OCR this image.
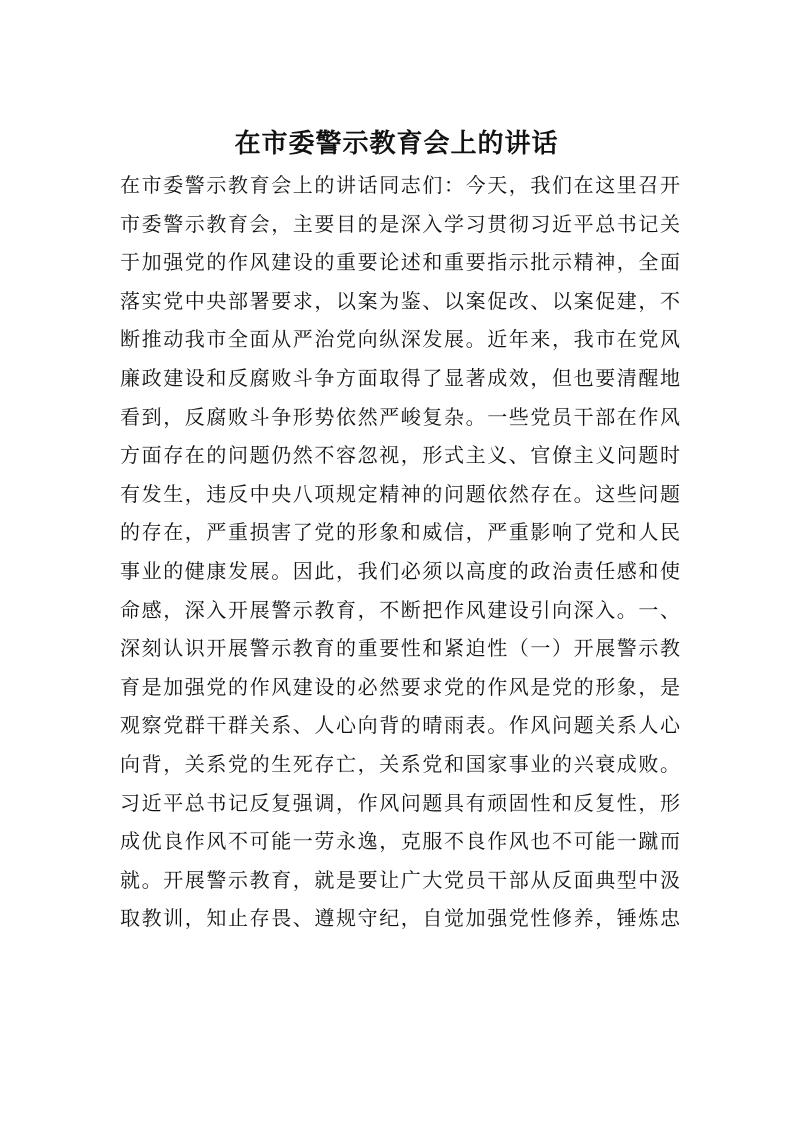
在市委警示教育会上的讲话
在市委警示教育会上的讲话同志们：今天，我们在这里召开
市委警示教育会，主要目的是深入学习贯彻习近平总书记关
于加强党的作风建设的重要论述和重要指示批示精神，全面
落实党中央部署要求，以案为鉴、以案促改、以案促建，不
断推动我市全面从严治党向纵深发展。近年来，我市在党风
廉政建设和反腐败斗争方面取得了显著成效，但也要清醒地
看到，反腐败斗争形势依然严峻复杂。一些党员干部在作风
方面存在的问题仍然不容忽视，形式主义、官僚主义问题时
有发生，违反中央八项规定精神的问题依然存在。这些问题
的存在，严重损害了党的形象和威信，严重影响了党和人民
事业的健康发展。因此，我们必须以高度的政治责任感和使
命感，深入开展警示教育，不断把作风建设引向深入。一、
深刻认识开展警示教育的重要性和紧迫性（一）开展警示教
育是加强党的作风建设的必然要求党的作风是党的形象，是
观察党群干群关系、人心向背的晴雨表。作风问题关系人心
向背，关系党的生死存亡，关系党和国家事业的兴衰成败。
习近平总书记反复强调，作风问题具有顽固性和反复性，形
成优良作风不可能一劳永逸，克服不良作风也不可能一蹴而
就。开展警示教育，就是要让广大党员干部从反面典型中汲
取教训，知止存畏、遵规守纪，自觉加强党性修养，锤炼忠
